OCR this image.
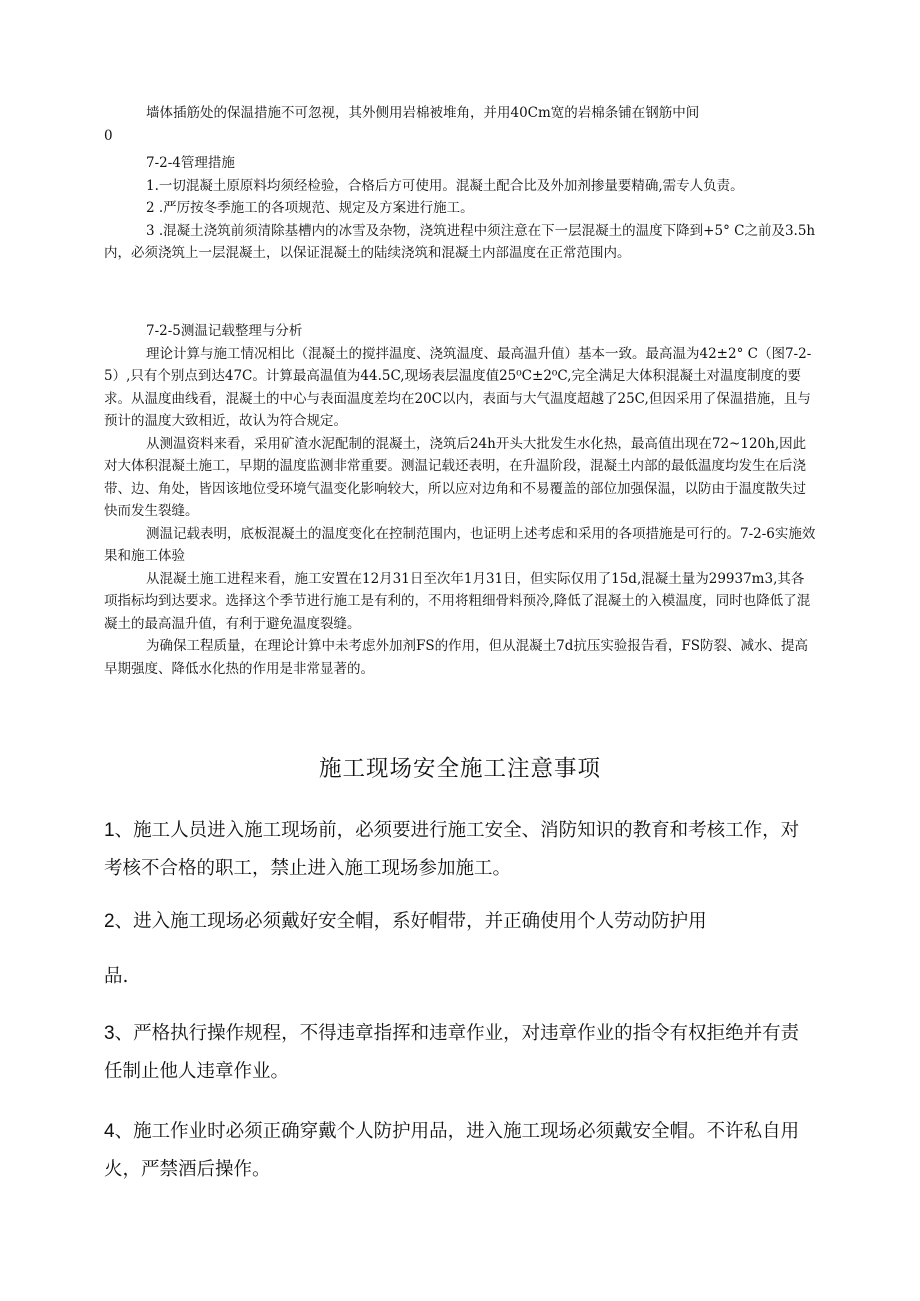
墙体插筋处的保温措施不可忽视，其外侧用岩棉被堆角，并用40Cm宽的岩棉条铺在钢筋中间

0

7-2-4管理措施

1.一切混凝土原原料均须经检验，合格后方可使用。混凝土配合比及外加剂掺量要精确,需专人负责。

2 .严厉按冬季施工的各项规范、规定及方案进行施工。

3 .混凝土浇筑前须清除基槽内的冰雪及杂物，浇筑进程中须注意在下一层混凝土的温度下降到+5° C之前及3.5h内，必须浇筑上一层混凝土，以保证混凝土的陆续浇筑和混凝土内部温度在正常范围内。

7-2-5测温记载整理与分析

理论计算与施工情况相比（混凝土的搅拌温度、浇筑温度、最高温升值）基本一致。最高温为42±2° C（图7-2-5）,只有个别点到达47C。计算最高温值为44.5C,现场表层温度值25⁰C±2⁰C,完全满足大体积混凝土对温度制度的要求。从温度曲线看，混凝土的中心与表面温度差均在20C以内，表面与大气温度超越了25C,但因采用了保温措施，且与预计的温度大致相近，故认为符合规定。

从测温资料来看，采用矿渣水泥配制的混凝土，浇筑后24h开头大批发生水化热，最高值出现在72~120h,因此对大体积混凝土施工，早期的温度监测非常重要。测温记载还表明，在升温阶段，混凝土内部的最低温度均发生在后浇带、边、角处，皆因该地位受环境气温变化影响较大，所以应对边角和不易覆盖的部位加强保温，以防由于温度散失过快而发生裂缝。

测温记载表明，底板混凝土的温度变化在控制范围内，也证明上述考虑和采用的各项措施是可行的。7-2-6实施效果和施工体验

从混凝土施工进程来看，施工安置在12月31日至次年1月31日，但实际仅用了15d,混凝土量为29937m3,其各项指标均到达要求。选择这个季节进行施工是有利的，不用将粗细骨料预冷,降低了混凝土的入模温度，同时也降低了混凝土的最高温升值，有利于避免温度裂缝。

为确保工程质量，在理论计算中未考虑外加剂FS的作用，但从混凝土7d抗压实验报告看，FS防裂、减水、提高早期强度、降低水化热的作用是非常显著的。

施工现场安全施工注意事项

1、施工人员进入施工现场前，必须要进行施工安全、消防知识的教育和考核工作，对考核不合格的职工，禁止进入施工现场参加施工。

2、进入施工现场必须戴好安全帽，系好帽带，并正确使用个人劳动防护用

品.

3、严格执行操作规程，不得违章指挥和违章作业，对违章作业的指令有权拒绝并有责任制止他人违章作业。

4、施工作业时必须正确穿戴个人防护用品，进入施工现场必须戴安全帽。不许私自用火，严禁酒后操作。
